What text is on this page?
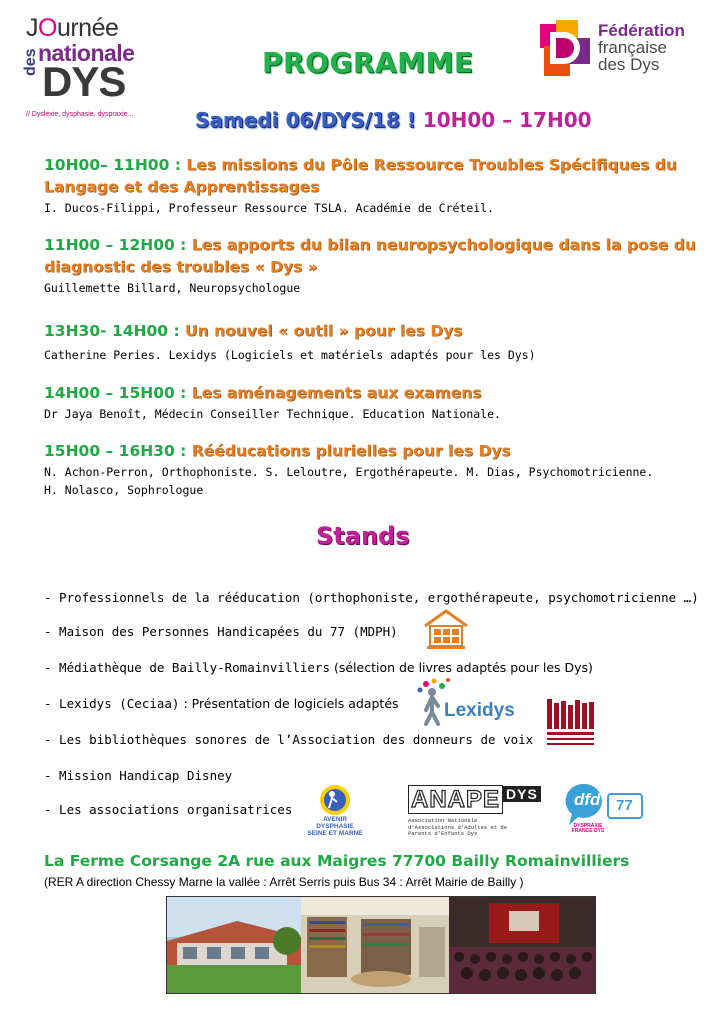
JOurnée
nationale
des DYS
// Dyslexie, dysphasie, dyspraxie...
PROGRAMME
Fédération
française
des Dys
Samedi 06/DYS/18 ! 10H00 – 17H00
10H00– 11H00 : Les missions du Pôle Ressource Troubles Spécifiques du Langage et des Apprentissages
I. Ducos-Filippi, Professeur Ressource TSLA. Académie de Créteil.
11H00 – 12H00 : Les apports du bilan neuropsychologique dans la pose du diagnostic des troubles « Dys »
Guillemette Billard, Neuropsychologue
13H30- 14H00 : Un nouvel « outil » pour les Dys
Catherine Peries. Lexidys (Logiciels et matériels adaptés pour les Dys)
14H00 – 15H00 : Les aménagements aux examens
Dr Jaya Benoît, Médecin Conseiller Technique. Education Nationale.
15H00 – 16H30 : Rééducations plurielles pour les Dys
N. Achon-Perron, Orthophoniste. S. Leloutre, Ergothérapeute. M. Dias, Psychomotricienne. H. Nolasco, Sophrologue
Stands
- Professionnels de la rééducation (orthophoniste, ergothérapeute, psychomotricienne …)
- Maison des Personnes Handicapées du 77 (MDPH)
- Médiathèque de Bailly-Romainvilliers (sélection de livres adaptés pour les Dys)
- Lexidys (Ceciaa) : Présentation de logiciels adaptés
- Les bibliothèques sonores de l’Association des donneurs de voix
- Mission Handicap Disney
- Les associations organisatrices
Lexidys
AVENIR
DYSPHASIE
SEINE ET MARNE
ANAPE $^{DYS}$
Association Nationale d'Associations d'Adultes et de Parents d'Enfants Dys
dfd 77
DYSPRAXIE FRANCE DYS
La Ferme Corsange 2A rue aux Maigres 77700 Bailly Romainvilliers
(RER A direction Chessy Marne la vallée : Arrêt Serris puis Bus 34 : Arrêt Mairie de Bailly )
